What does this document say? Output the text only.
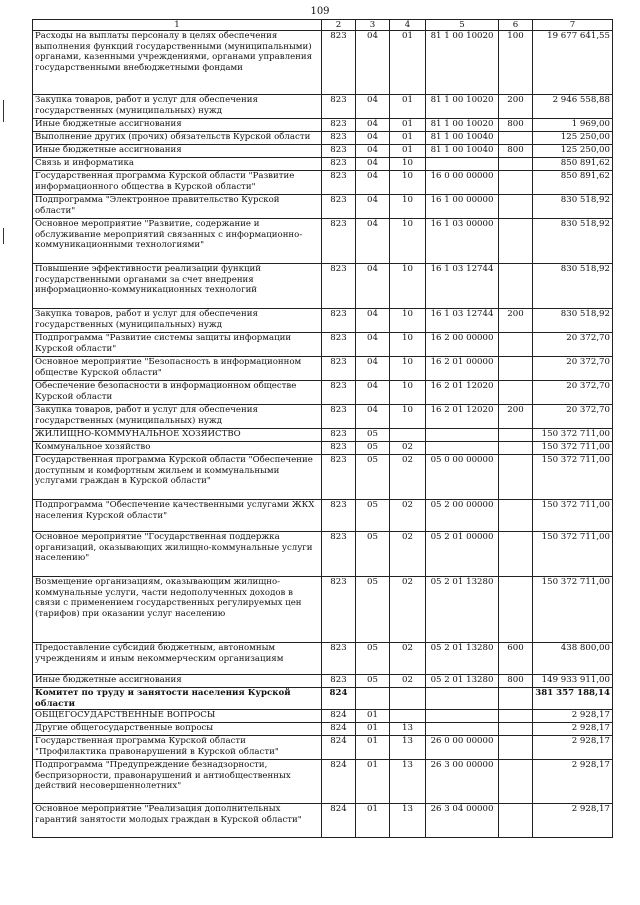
109
1	2	3	4	5	6	7
Расходы на выплаты персоналу в целях обеспечения выполнения функций государственными (муниципальными) органами, казенными учреждениями, органами управления государственными внебюджетными фондами	823	04	01	81 1 00 10020	100	19 677 641,55
Закупка товаров, работ и услуг для обеспечения государственных (муниципальных) нужд	823	04	01	81 1 00 10020	200	2 946 558,88
Иные бюджетные ассигнования	823	04	01	81 1 00 10020	800	1 969,00
Выполнение других (прочих) обязательств Курской области	823	04	01	81 1 00 10040		125 250,00
Иные бюджетные ассигнования	823	04	01	81 1 00 10040	800	125 250,00
Связь и информатика	823	04	10			850 891,62
Государственная программа Курской области "Развитие информационного общества в Курской области"	823	04	10	16 0 00 00000		850 891,62
Подпрограмма "Электронное правительство Курской области"	823	04	10	16 1 00 00000		830 518,92
Основное мероприятие "Развитие, содержание и обслуживание мероприятий связанных с информационно-коммуникационными технологиями"	823	04	10	16 1 03 00000		830 518,92
Повышение эффективности реализации функций государственными органами за счет внедрения информационно-коммуникационных технологий	823	04	10	16 1 03 12744		830 518,92
Закупка товаров, работ и услуг для обеспечения государственных (муниципальных) нужд	823	04	10	16 1 03 12744	200	830 518,92
Подпрограмма "Развитие системы защиты информации Курской области"	823	04	10	16 2 00 00000		20 372,70
Основное мероприятие "Безопасность в информационном обществе Курской области"	823	04	10	16 2 01 00000		20 372,70
Обеспечение безопасности в информационном обществе Курской области	823	04	10	16 2 01 12020		20 372,70
Закупка товаров, работ и услуг для обеспечения государственных (муниципальных) нужд	823	04	10	16 2 01 12020	200	20 372,70
ЖИЛИЩНО-КОММУНАЛЬНОЕ ХОЗЯЙСТВО	823	05				150 372 711,00
Коммунальное хозяйство	823	05	02			150 372 711,00
Государственная программа Курской области "Обеспечение доступным и комфортным жильем и коммунальными услугами граждан в Курской области"	823	05	02	05 0 00 00000		150 372 711,00
Подпрограмма "Обеспечение качественными услугами ЖКХ населения Курской области"	823	05	02	05 2 00 00000		150 372 711,00
Основное мероприятие "Государственная поддержка организаций, оказывающих жилищно-коммунальные услуги населению"	823	05	02	05 2 01 00000		150 372 711,00
Возмещение организациям, оказывающим жилищно-коммунальные услуги, части недополученных доходов в связи с применением государственных регулируемых цен (тарифов) при оказании услуг населению	823	05	02	05 2 01 13280		150 372 711,00
Предоставление субсидий бюджетным, автономным учреждениям и иным некоммерческим организациям	823	05	02	05 2 01 13280	600	438 800,00
Иные бюджетные ассигнования	823	05	02	05 2 01 13280	800	149 933 911,00
Комитет по труду и занятости населения Курской области	824					381 357 188,14
ОБЩЕГОСУДАРСТВЕННЫЕ ВОПРОСЫ	824	01				2 928,17
Другие общегосударственные вопросы	824	01	13			2 928,17
Государственная программа Курской области "Профилактика правонарушений в Курской области"	824	01	13	26 0 00 00000		2 928,17
Подпрограмма "Предупреждение безнадзорности, беспризорности, правонарушений и антиобщественных действий несовершеннолетних"	824	01	13	26 3 00 00000		2 928,17
Основное мероприятие "Реализация дополнительных гарантий занятости молодых граждан в Курской области"	824	01	13	26 3 04 00000		2 928,17
